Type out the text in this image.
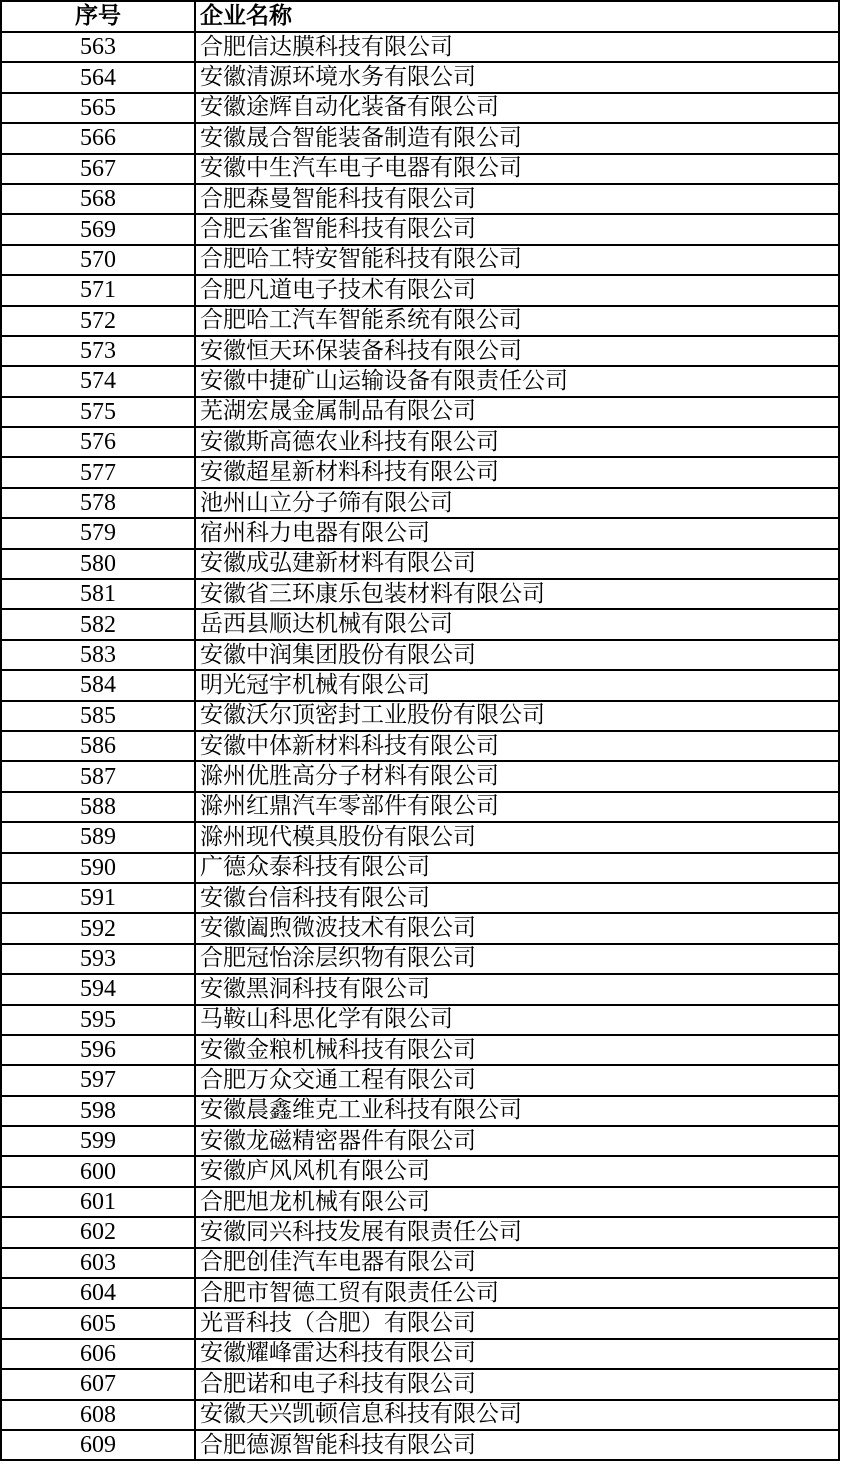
序号	企业名称
563	合肥信达膜科技有限公司
564	安徽清源环境水务有限公司
565	安徽途辉自动化装备有限公司
566	安徽晟合智能装备制造有限公司
567	安徽中生汽车电子电器有限公司
568	合肥森曼智能科技有限公司
569	合肥云雀智能科技有限公司
570	合肥哈工特安智能科技有限公司
571	合肥凡道电子技术有限公司
572	合肥哈工汽车智能系统有限公司
573	安徽恒天环保装备科技有限公司
574	安徽中捷矿山运输设备有限责任公司
575	芜湖宏晟金属制品有限公司
576	安徽斯高德农业科技有限公司
577	安徽超星新材料科技有限公司
578	池州山立分子筛有限公司
579	宿州科力电器有限公司
580	安徽成弘建新材料有限公司
581	安徽省三环康乐包装材料有限公司
582	岳西县顺达机械有限公司
583	安徽中润集团股份有限公司
584	明光冠宇机械有限公司
585	安徽沃尔顶密封工业股份有限公司
586	安徽中体新材料科技有限公司
587	滁州优胜高分子材料有限公司
588	滁州红鼎汽车零部件有限公司
589	滁州现代模具股份有限公司
590	广德众泰科技有限公司
591	安徽台信科技有限公司
592	安徽阖煦微波技术有限公司
593	合肥冠怡涂层织物有限公司
594	安徽黑洞科技有限公司
595	马鞍山科思化学有限公司
596	安徽金粮机械科技有限公司
597	合肥万众交通工程有限公司
598	安徽晨鑫维克工业科技有限公司
599	安徽龙磁精密器件有限公司
600	安徽庐风风机有限公司
601	合肥旭龙机械有限公司
602	安徽同兴科技发展有限责任公司
603	合肥创佳汽车电器有限公司
604	合肥市智德工贸有限责任公司
605	光晋科技（合肥）有限公司
606	安徽耀峰雷达科技有限公司
607	合肥诺和电子科技有限公司
608	安徽天兴凯顿信息科技有限公司
609	合肥德源智能科技有限公司
